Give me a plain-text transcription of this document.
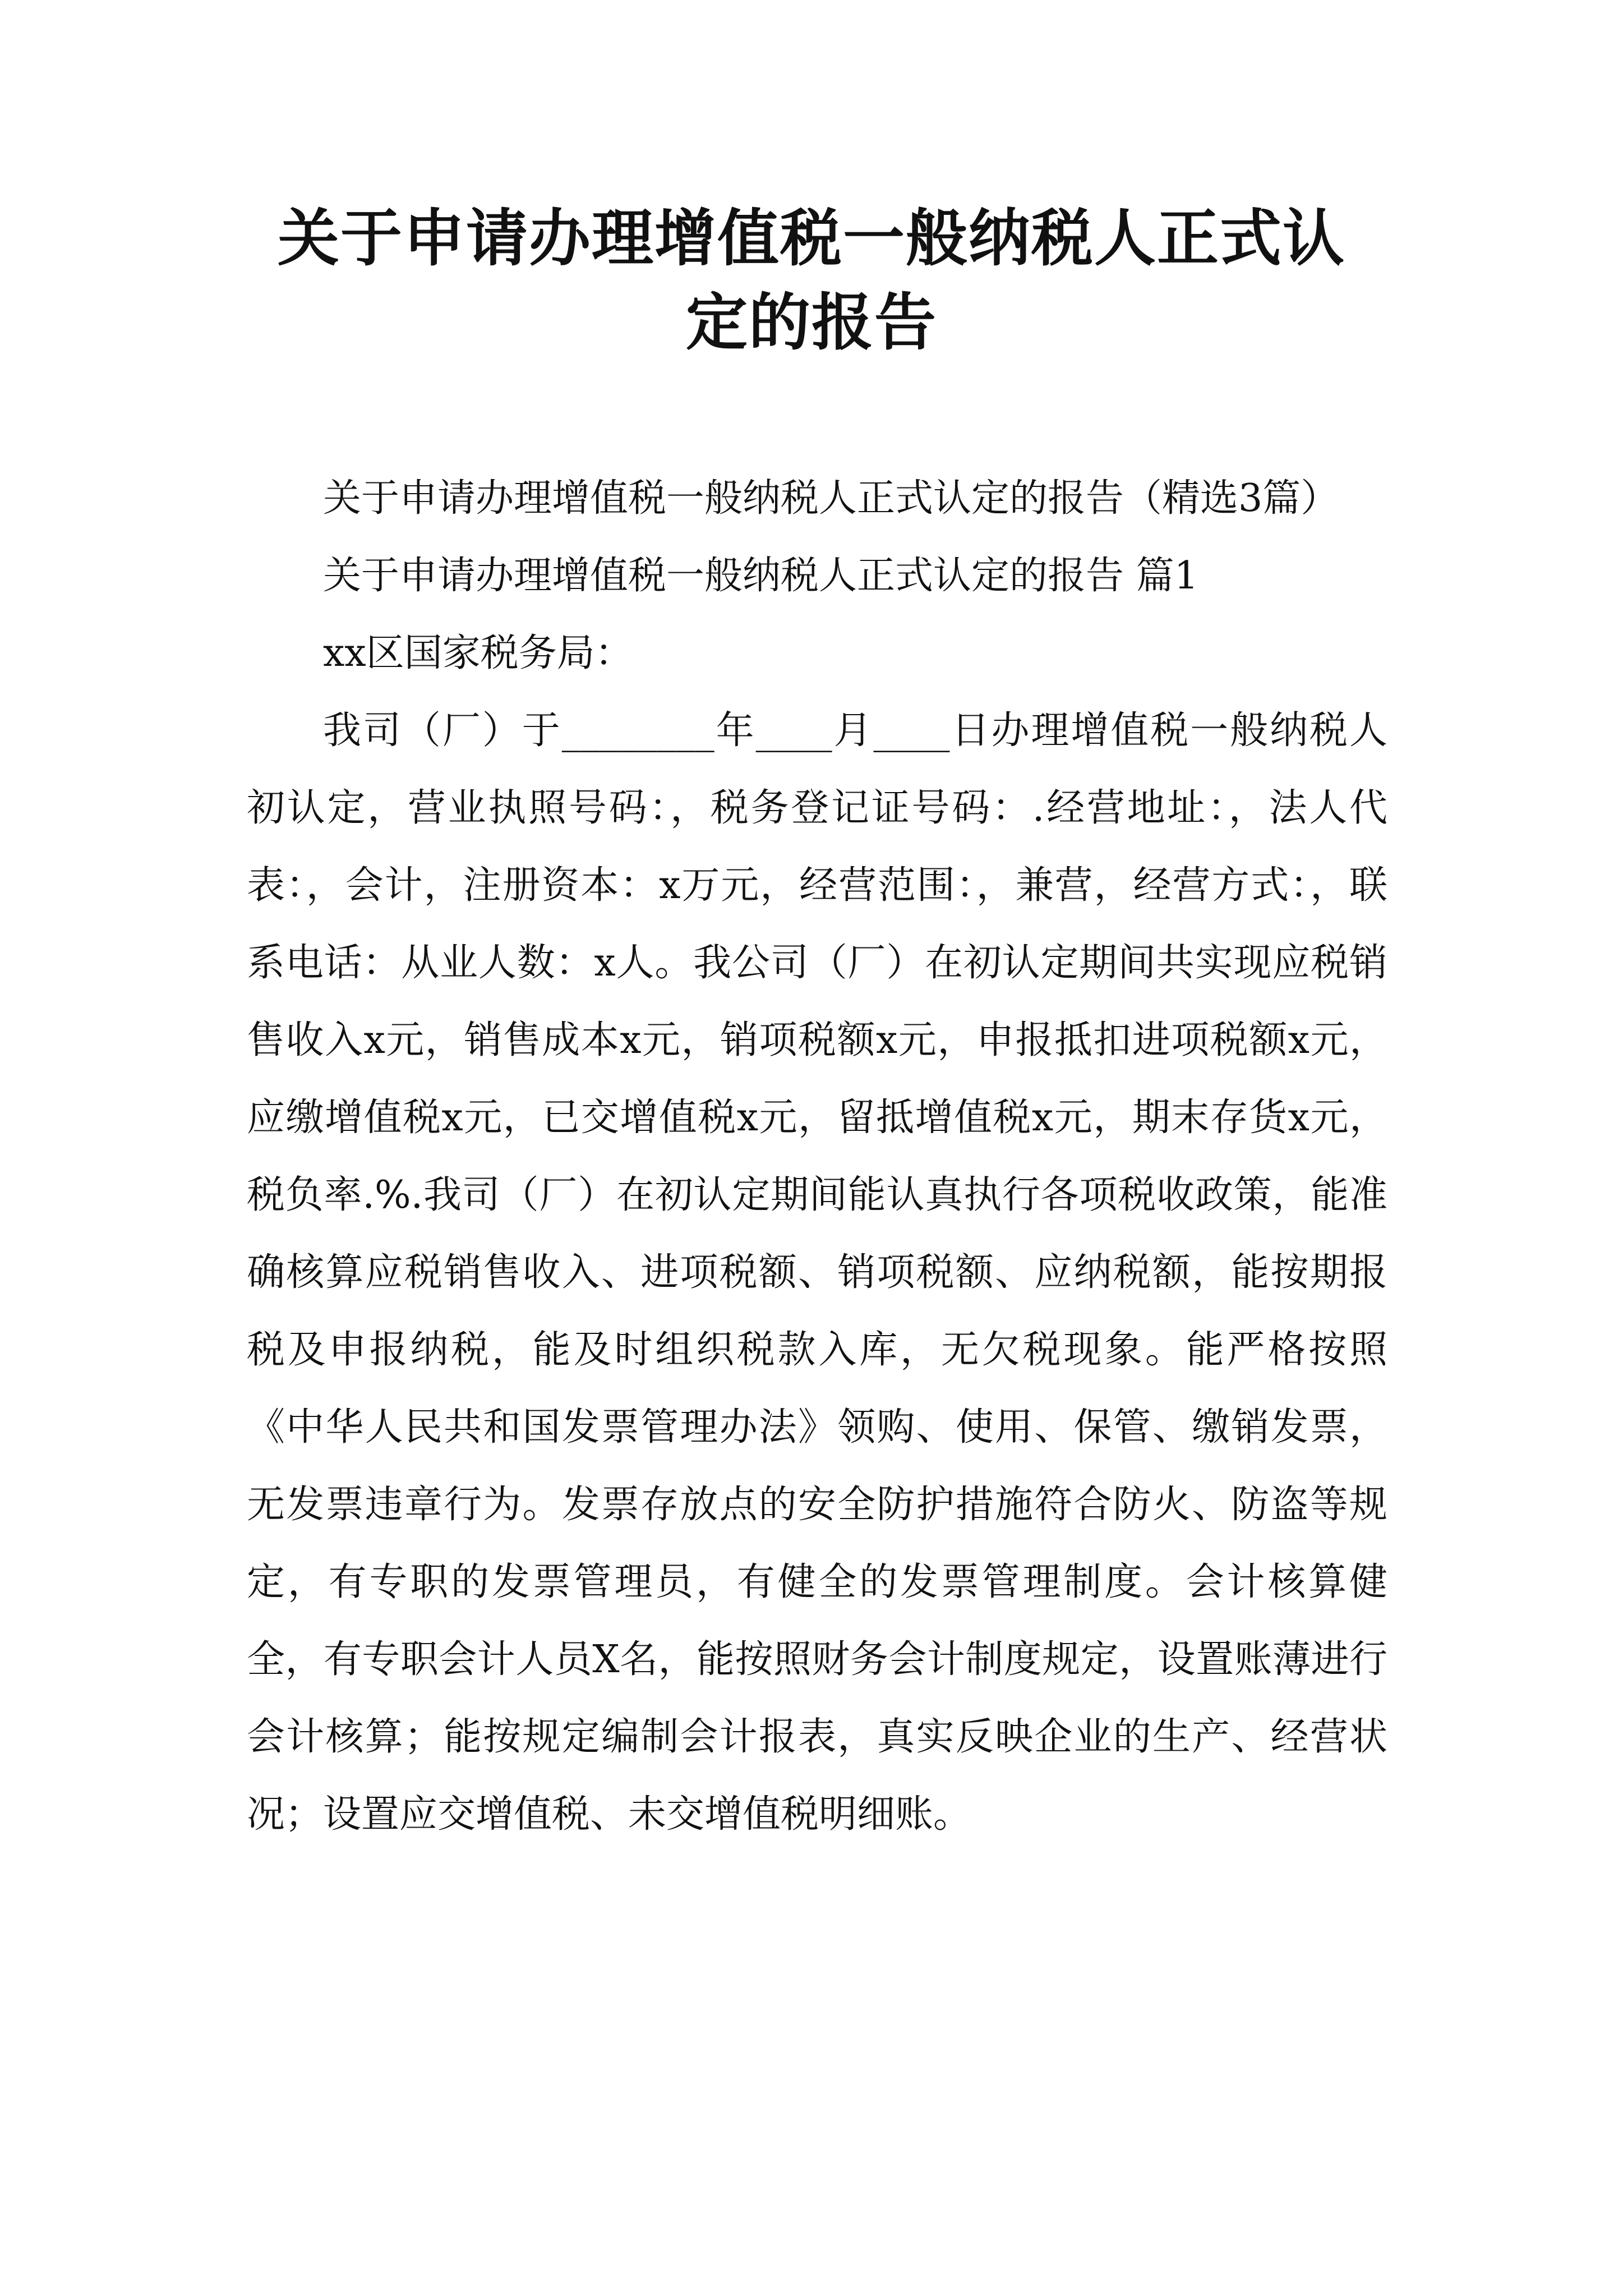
关于申请办理增值税一般纳税人正式认定的报告

关于申请办理增值税一般纳税人正式认定的报告（精选3篇）

关于申请办理增值税一般纳税人正式认定的报告 篇1

xx区国家税务局：

我司（厂）于________年____月____日办理增值税一般纳税人初认定，营业执照号码：，税务登记证号码：.经营地址：，法人代表：，会计，注册资本：x万元，经营范围：，兼营，经营方式：，联系电话：从业人数：x人。我公司（厂）在初认定期间共实现应税销售收入x元，销售成本x元，销项税额x元，申报抵扣进项税额x元，应缴增值税x元，已交增值税x元，留抵增值税x元，期末存货x元，税负率.%.我司（厂）在初认定期间能认真执行各项税收政策，能准确核算应税销售收入、进项税额、销项税额、应纳税额，能按期报税及申报纳税，能及时组织税款入库，无欠税现象。能严格按照《中华人民共和国发票管理办法》领购、使用、保管、缴销发票，无发票违章行为。发票存放点的安全防护措施符合防火、防盗等规定，有专职的发票管理员，有健全的发票管理制度。会计核算健全，有专职会计人员X名，能按照财务会计制度规定，设置账薄进行会计核算；能按规定编制会计报表，真实反映企业的生产、经营状况；设置应交增值税、未交增值税明细账。
